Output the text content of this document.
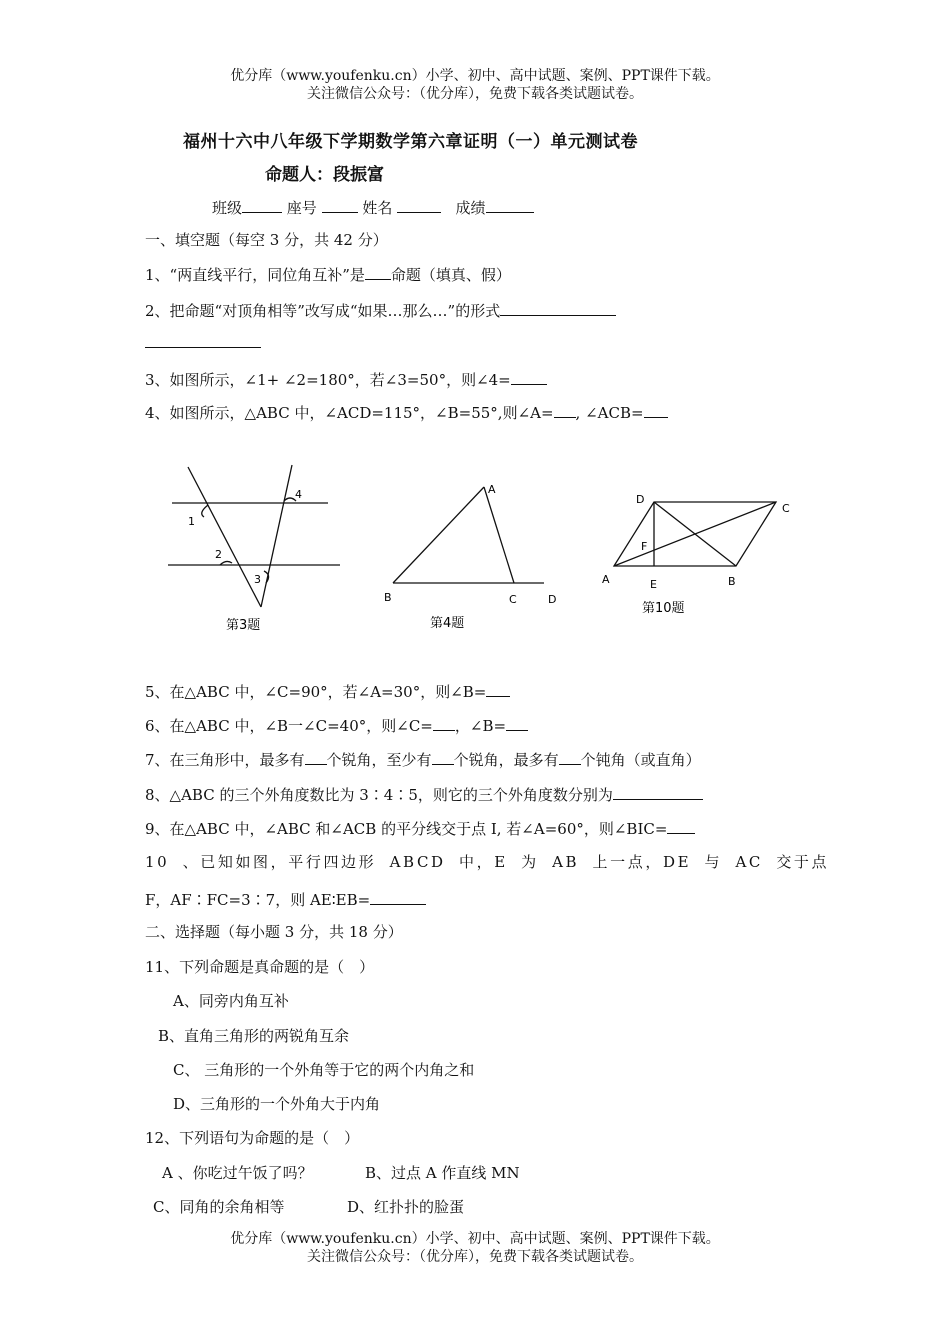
优分库（www.youfenku.cn）小学、初中、高中试题、案例、PPT课件下载。
关注微信公众号：（优分库），免费下载各类试题试卷。
福州十六中八年级下学期数学第六章证明（一）单元测试卷
命题人：段振富
班级	座号	姓名	成绩
一、填空题（每空 3 分，共 42 分）
1、“两直线平行，同位角互补”是 命题（填真、假）
2、把命题“对顶角相等”改写成“如果…那么…”的形式
3、如图所示，∠1+ ∠2=180°，若∠3=50°，则∠4=
4、如图所示，△ABC 中，∠ACD=115°，∠B=55°,则∠A= , ∠ACB=
1
2
3
4
第3题
A
B	C	D
第4题
D
C
F
A	E	B
第10题
5、在△ABC 中，∠C=90°，若∠A=30°，则∠B=
6、在△ABC 中，∠B一∠C=40°，则∠C= ，∠B=
7、在三角形中，最多有 个锐角，至少有 个锐角，最多有 个钝角（或直角）
8、△ABC 的三个外角度数比为 3∶4∶5，则它的三个外角度数分别为
9、在△ABC 中，∠ABC 和∠ACB 的平分线交于点 I, 若∠A=60°，则∠BIC=
10 、已知如图，平行四边形 ABCD 中，E 为 AB 上一点，DE 与 AC 交于点
F，AF∶FC=3∶7，则 AE∶EB=
二、选择题（每小题 3 分，共 18 分）
11、下列命题是真命题的是（　）
A、同旁内角互补
B、直角三角形的两锐角互余
C、 三角形的一个外角等于它的两个内角之和
D、三角形的一个外角大于内角
12、下列语句为命题的是（　）
A 、你吃过午饭了吗？	B、过点 A 作直线 MN
C、同角的余角相等	D、红扑扑的脸蛋
优分库（www.youfenku.cn）小学、初中、高中试题、案例、PPT课件下载。
关注微信公众号：（优分库），免费下载各类试题试卷。
